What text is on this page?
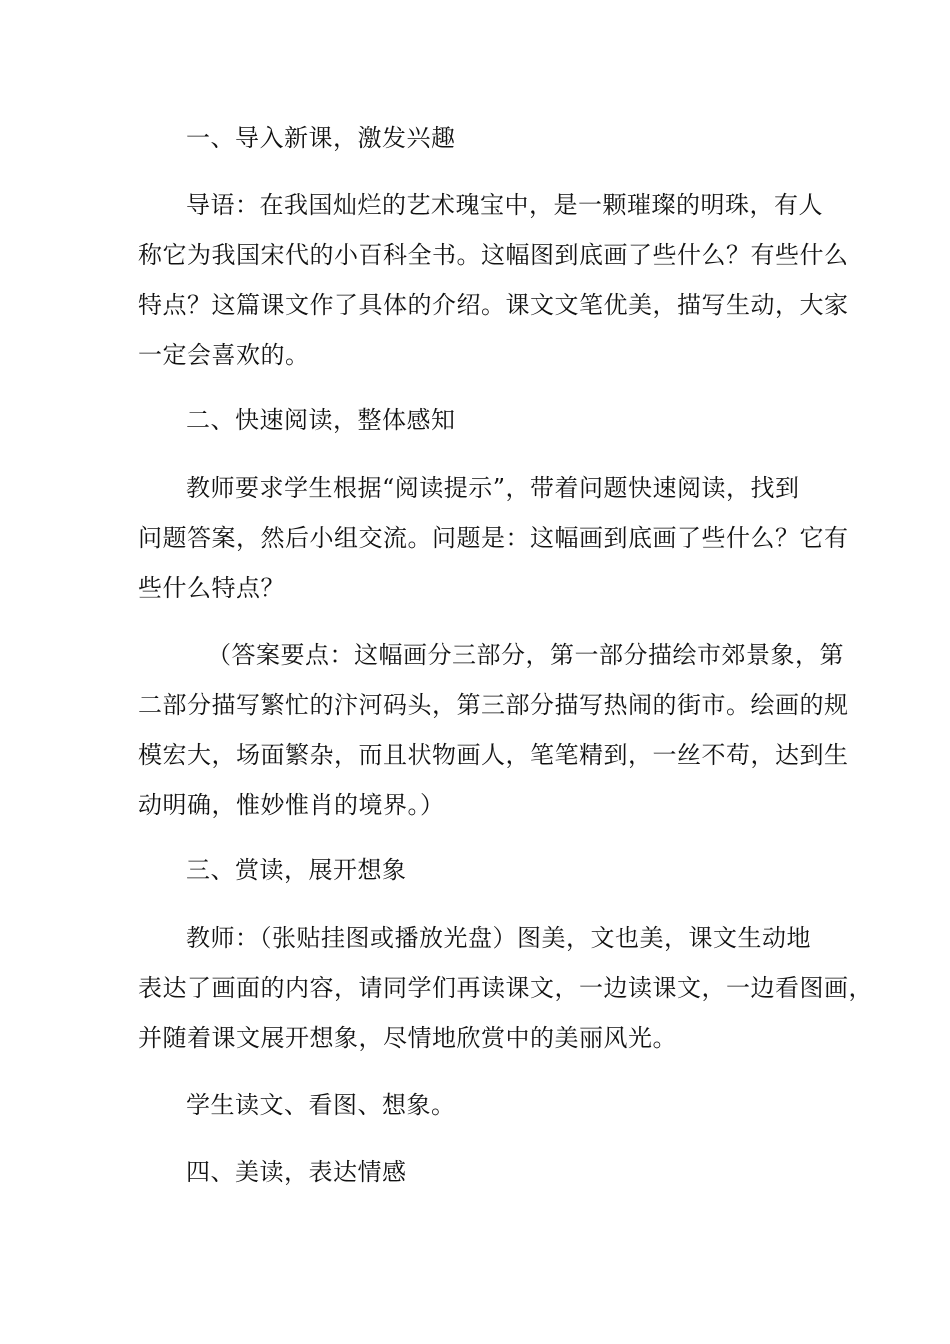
一、导入新课，激发兴趣
导语：在我国灿烂的艺术瑰宝中，是一颗璀璨的明珠，有人
称它为我国宋代的小百科全书。这幅图到底画了些什么？有些什么
特点？这篇课文作了具体的介绍。课文文笔优美，描写生动，大家
一定会喜欢的。
二、快速阅读，整体感知
教师要求学生根据“阅读提示”，带着问题快速阅读，找到
问题答案，然后小组交流。问题是：这幅画到底画了些什么？它有
些什么特点？
（答案要点：这幅画分三部分，第一部分描绘市郊景象，第
二部分描写繁忙的汴河码头，第三部分描写热闹的街市。绘画的规
模宏大，场面繁杂，而且状物画人，笔笔精到，一丝不苟，达到生
动明确，惟妙惟肖的境界。）
三、赏读，展开想象
教师：（张贴挂图或播放光盘）图美，文也美，课文生动地
表达了画面的内容，请同学们再读课文，一边读课文，一边看图画，
并随着课文展开想象，尽情地欣赏中的美丽风光。
学生读文、看图、想象。
四、美读，表达情感
